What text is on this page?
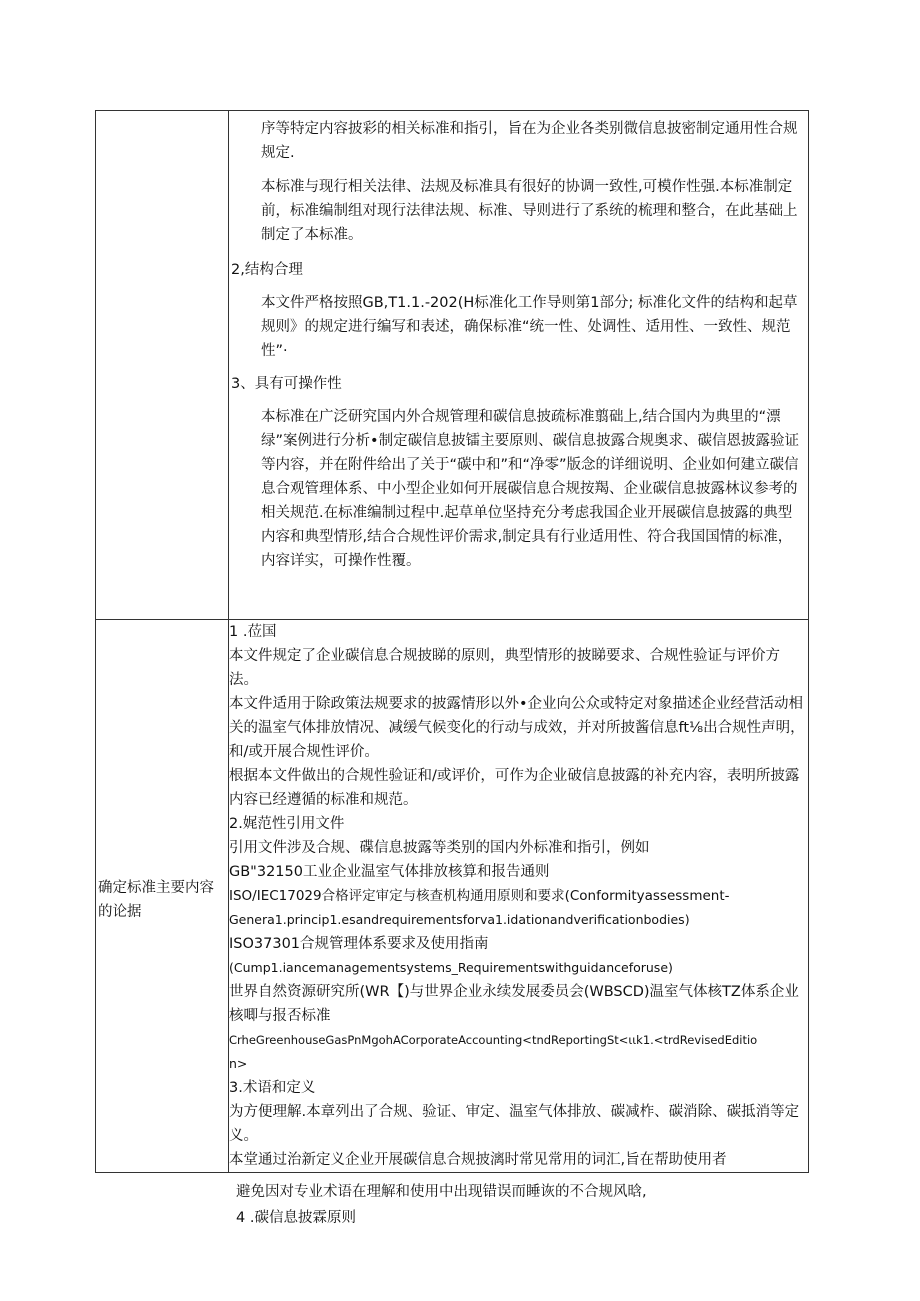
序等特定内容披彩的相关标准和指引，旨在为企业各类别微信息披密制定通用性合规规定.

本标准与现行相关法律、法规及标准具有很好的协调一致性,可模作性强.本标准制定前，标准编制组对现行法律法规、标准、导则进行了系统的梳理和整合，在此基础上制定了本标准。

2,结构合理

本文件严格按照GB,T1.1.-202(H标准化工作导则第1部分; 标准化文件的结构和起草规则》的规定进行编写和表述，确保标准“统一性、处调性、适用性、一致性、规范性”·

3、具有可操作性

本标准在广泛研究国内外合规管理和碳信息披疏标准翦础上,结合国内为典里的“漂绿”案例进行分析•制定碳信息披镭主要原则、碳信息披露合规奥求、碳信恩披露验证等内容，并在附件给出了关于“碳中和”和“净零”版念的详细说明、企业如何建立碳信息合观管理体系、中小型企业如何开展碳信息合规按羯、企业碳信息披露林议参考的相关规范.在标准编制过程中.起草单位坚持充分考虑我国企业开展碳信息披露的典型内容和典型情形,结合合规性评价需求,制定具有行业适用性、符合我国国情的标准，内容详实，可操作性覆。

确定标准主要内容的论据

1 .莅国

本文件规定了企业碳信息合规披睇的原则，典型情形的披睇要求、合规性验证与评价方法。

本文件适用于除政策法规要求的披露情形以外•企业向公众或特定对象描述企业经营活动相关的温室气体排放情况、减缓气候变化的行动与成效，并对所披酱信息ft⅛出合规性声明，和/或开展合规性评价。

根据本文件做出的合规性验证和/或评价，可作为企业破信息披露的补充内容，表明所披露内容已经遵循的标准和规范。

2.娓范性引用文件

引用文件涉及合规、碟信息披露等类别的国内外标准和指引，例如

GB"32150工业企业温室气体排放核算和报告通则

ISO/IEC17029合格评定审定与核查机构通用原则和要求(Conformityassessment-

Genera1.princip1.esandrequirementsforva1.idationandverificationbodies)

ISO37301合规管理体系要求及使用指南

(Cump1.iancemanagementsystems_Requirementswithguidanceforuse)

世界自然资源研究所(WR【)与世界企业永续发展委员会(WBSCD)温室气体核TZ体系企业核唧与报否标准

CrheGreenhouseGasPnMgohACorporateAccounting<tndReportingSt<ιιk1.<trdRevisedEditio

n>

3.术语和定义

为方便理解.本章列出了合规、验证、审定、温室气体排放、碳减柞、碳消除、碳抵消等定义。

本堂通过治新定义企业开展碳信息合规披漓时常见常用的词汇,旨在帮助使用者

避免因对专业术语在理解和使用中出现错误而睡诙的不合规风晗,

4 .碳信息披霖原则
